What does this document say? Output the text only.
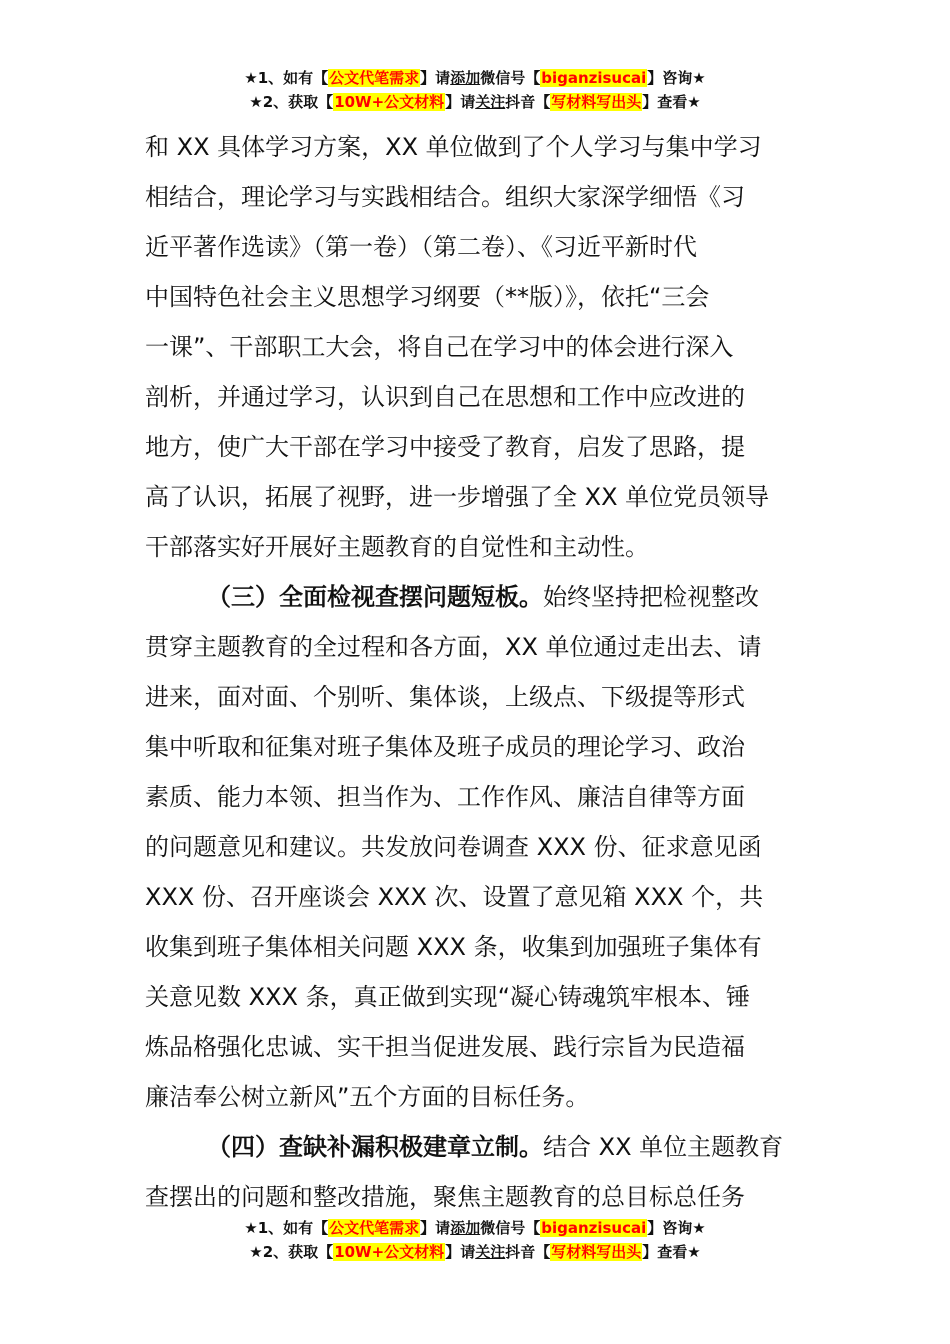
★1、如有【公文代笔需求】请添加微信号【biganzisucai】咨询★
★2、获取【10W+公文材料】请关注抖音【写材料写出头】查看★
和 XX 具体学习方案，XX 单位做到了个人学习与集中学习
相结合，理论学习与实践相结合。组织大家深学细悟《习
近平著作选读》（第一卷）（第二卷）、《习近平新时代
中国特色社会主义思想学习纲要（**版）》，依托“三会
一课”、干部职工大会，将自己在学习中的体会进行深入
剖析，并通过学习，认识到自己在思想和工作中应改进的
地方，使广大干部在学习中接受了教育，启发了思路，提
高了认识，拓展了视野，进一步增强了全 XX 单位党员领导
干部落实好开展好主题教育的自觉性和主动性。
（三）全面检视查摆问题短板。始终坚持把检视整改
贯穿主题教育的全过程和各方面，XX 单位通过走出去、请
进来，面对面、个别听、集体谈，上级点、下级提等形式
集中听取和征集对班子集体及班子成员的理论学习、政治
素质、能力本领、担当作为、工作作风、廉洁自律等方面
的问题意见和建议。共发放问卷调查 XXX 份、征求意见函
XXX 份、召开座谈会 XXX 次、设置了意见箱 XXX 个，共
收集到班子集体相关问题 XXX 条，收集到加强班子集体有
关意见数 XXX 条，真正做到实现“凝心铸魂筑牢根本、锤
炼品格强化忠诚、实干担当促进发展、践行宗旨为民造福
廉洁奉公树立新风”五个方面的目标任务。
（四）查缺补漏积极建章立制。结合 XX 单位主题教育
查摆出的问题和整改措施，聚焦主题教育的总目标总任务
★1、如有【公文代笔需求】请添加微信号【biganzisucai】咨询★
★2、获取【10W+公文材料】请关注抖音【写材料写出头】查看★
